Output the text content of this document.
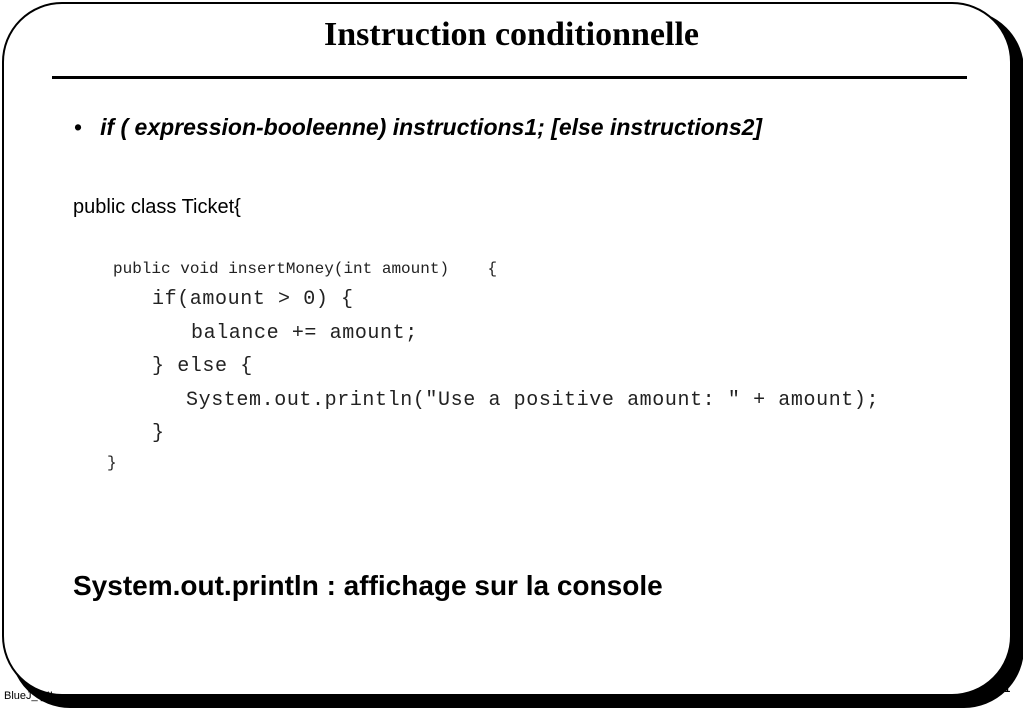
Instruction conditionnelle
• if ( expression-booleenne) instructions1; [else instructions2]
public class Ticket{
public void insertMoney(int amount)    {
if(amount > 0) {
balance += amount;
} else {
System.out.println("Use a positive amount: " + amount);
}
}
System.out.println : affichage sur la console
BlueJ_I_II
41
